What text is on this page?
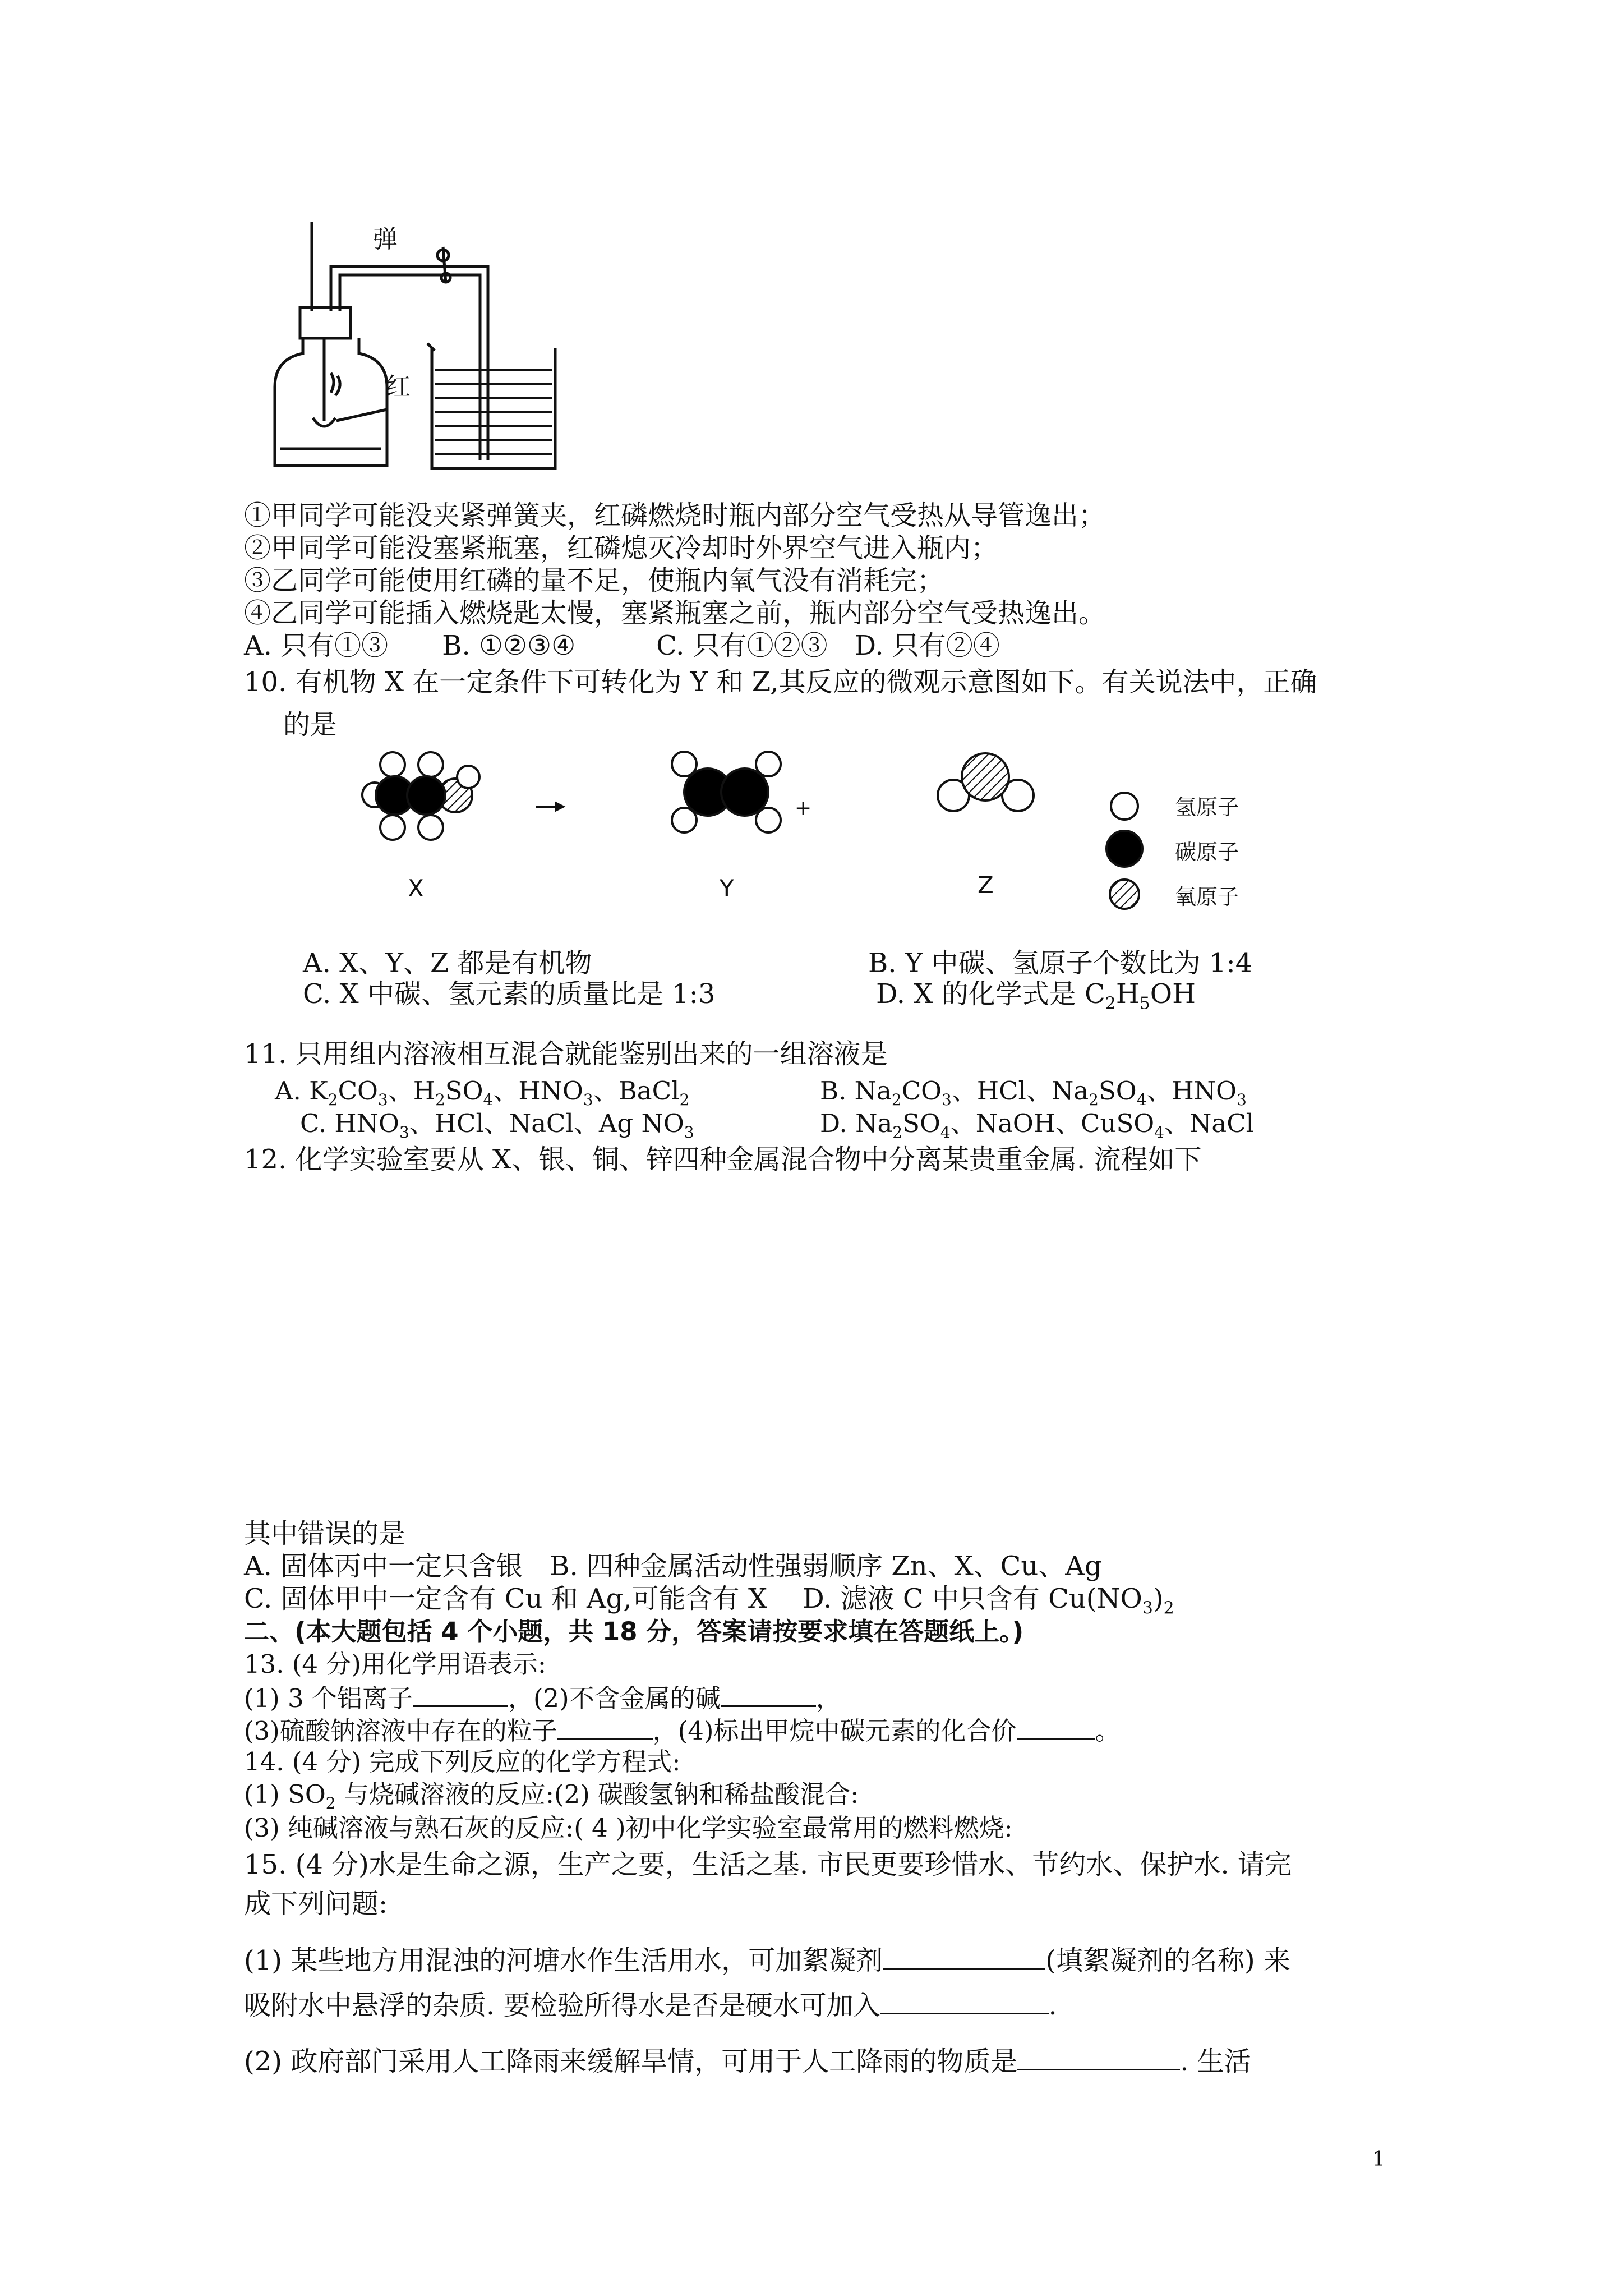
弹
红
①甲同学可能没夹紧弹簧夹，红磷燃烧时瓶内部分空气受热从导管逸出；
②甲同学可能没塞紧瓶塞，红磷熄灭冷却时外界空气进入瓶内；
③乙同学可能使用红磷的量不足，使瓶内氧气没有消耗完；
④乙同学可能插入燃烧匙太慢，塞紧瓶塞之前，瓶内部分空气受热逸出。
A. 只有①③　　B. ①②③④　　　C. 只有①②③　D. 只有②④
10. 有机物 X 在一定条件下可转化为 Y 和 Z,其反应的微观示意图如下。有关说法中，正确
的是
X	Y	Z
+	氢原子
碳原子
氧原子
A. X、Y、Z 都是有机物	B. Y 中碳、氢原子个数比为 1:4
C. X 中碳、氢元素的质量比是 1:3	D. X 的化学式是 $C_2H_5OH$
11. 只用组内溶液相互混合就能鉴别出来的一组溶液是
A. $K_2CO_3$、$H_2SO_4$、$HNO_3$、BaCl$_2$	B. $Na_2CO_3$、HCl、$Na_2SO_4$、$HNO_3$
C. $HNO_3$、HCl、NaCl、Ag $NO_3$	D. $Na_2SO_4$、NaOH、CuSO$_4$、NaCl
12. 化学实验室要从 X、银、铜、锌四种金属混合物中分离某贵重金属. 流程如下
其中错误的是
A. 固体丙中一定只含银　B. 四种金属活动性强弱顺序 Zn、X、Cu、Ag
C. 固体甲中一定含有 Cu 和 Ag,可能含有 X　 D. 滤液 C 中只含有 $Cu(NO_3)_2$
二、(本大题包括 4 个小题，共 18 分，答案请按要求填在答题纸上。)
13. (4 分)用化学用语表示:
(1) 3 个铝离子	，(2)不含金属的碱	，
(3)硫酸钠溶液中存在的粒子	，(4)标出甲烷中碳元素的化合价	。
14. (4 分) 完成下列反应的化学方程式:
(1) $SO_2$ 与烧碱溶液的反应:(2) 碳酸氢钠和稀盐酸混合:
(3) 纯碱溶液与熟石灰的反应:( 4 )初中化学实验室最常用的燃料燃烧:
15. (4 分)水是生命之源，生产之要，生活之基. 市民更要珍惜水、节约水、保护水. 请完
成下列问题:
(1) 某些地方用混浊的河塘水作生活用水，可加絮凝剂	(填絮凝剂的名称) 来
吸附水中悬浮的杂质. 要检验所得水是否是硬水可加入	.
(2) 政府部门采用人工降雨来缓解旱情，可用于人工降雨的物质是	. 生活
1
